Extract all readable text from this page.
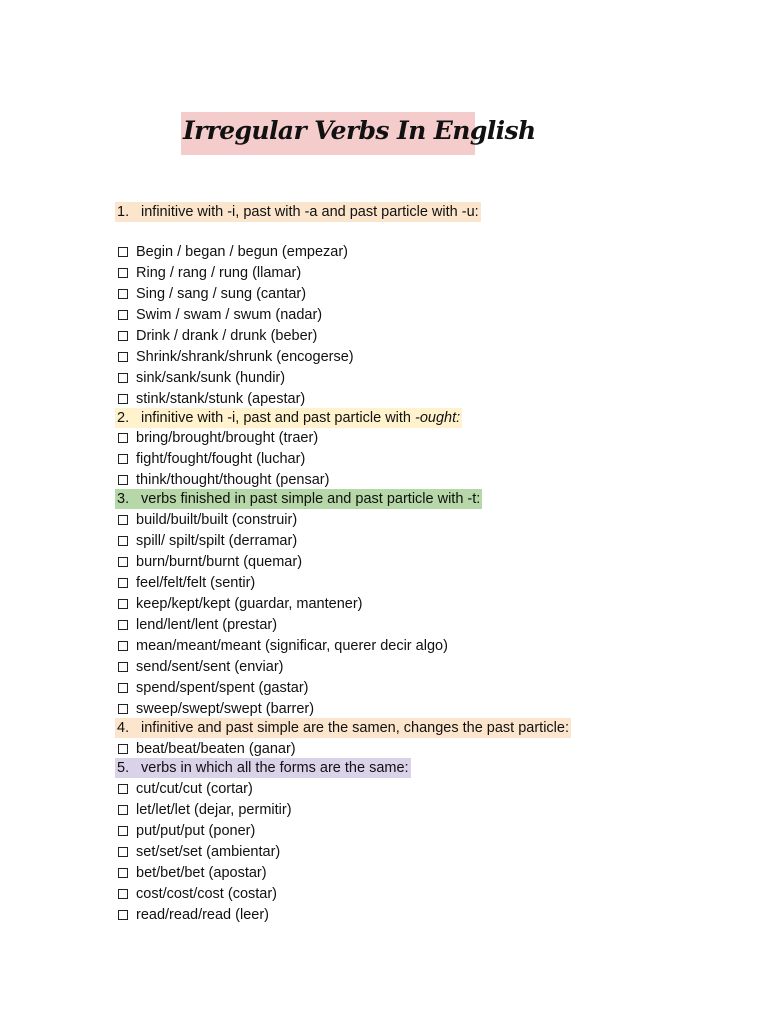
Irregular Verbs In English
1. infinitive with -i, past with -a and past particle with -u:
Begin / began / begun (empezar)
Ring / rang / rung (llamar)
Sing / sang / sung (cantar)
Swim / swam / swum (nadar)
Drink / drank / drunk (beber)
Shrink/shrank/shrunk (encogerse)
sink/sank/sunk (hundir)
stink/stank/stunk (apestar)
2. infinitive with -i, past and past particle with -ought:
bring/brought/brought (traer)
fight/fought/fought (luchar)
think/thought/thought (pensar)
3. verbs finished in past simple and past particle with -t:
build/built/built (construir)
spill/ spilt/spilt (derramar)
burn/burnt/burnt (quemar)
feel/felt/felt (sentir)
keep/kept/kept (guardar, mantener)
lend/lent/lent (prestar)
mean/meant/meant (significar, querer decir algo)
send/sent/sent (enviar)
spend/spent/spent (gastar)
sweep/swept/swept (barrer)
4. infinitive and past simple are the samen, changes the past particle:
beat/beat/beaten (ganar)
5. verbs in which all the forms are the same:
cut/cut/cut (cortar)
let/let/let (dejar, permitir)
put/put/put (poner)
set/set/set (ambientar)
bet/bet/bet (apostar)
cost/cost/cost (costar)
read/read/read (leer)
